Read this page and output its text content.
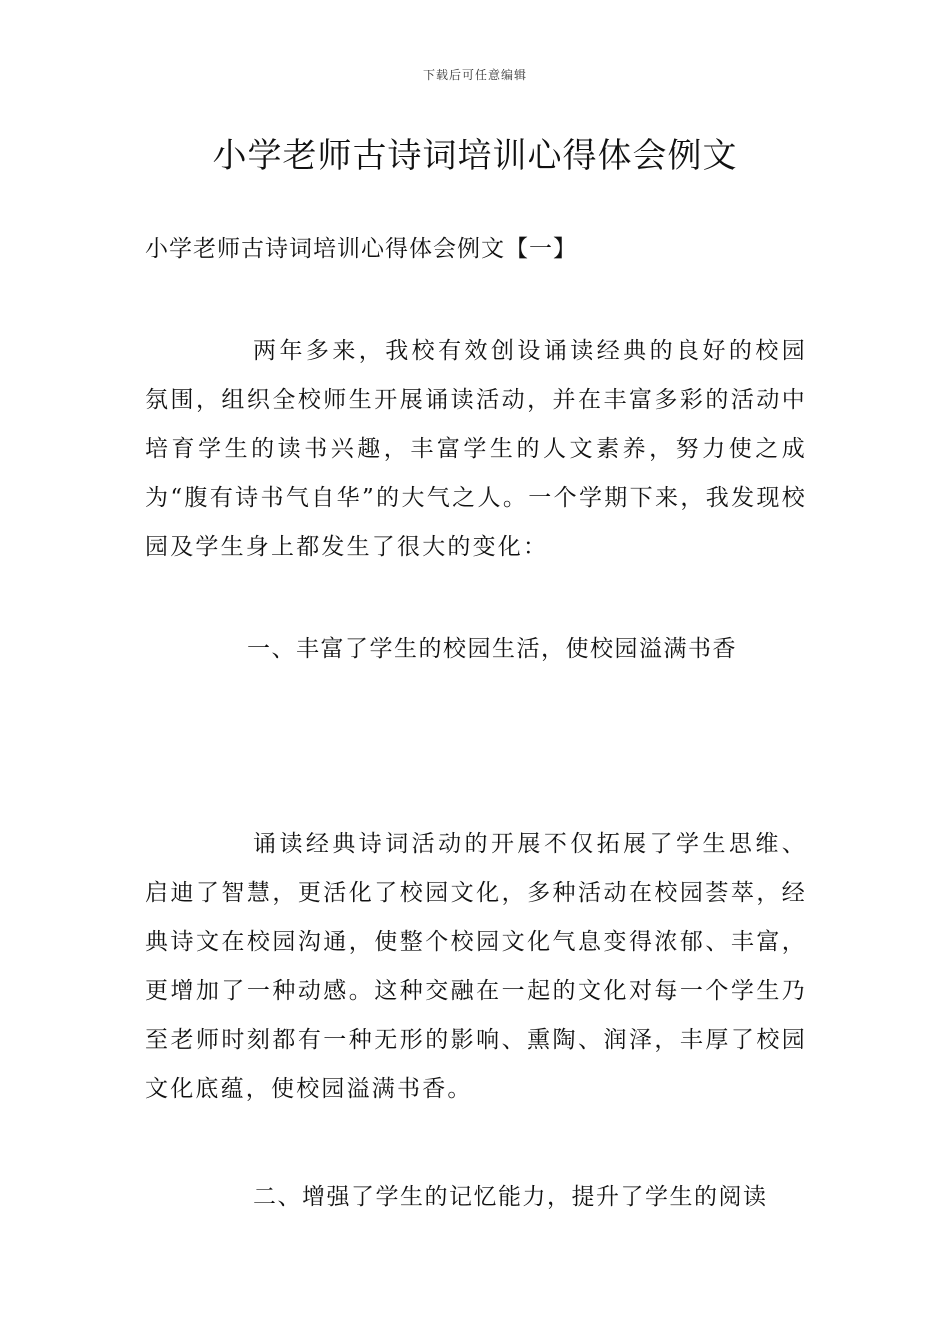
下载后可任意编辑
小学老师古诗词培训心得体会例文
小学老师古诗词培训心得体会例文【一】

两年多来，我校有效创设诵读经典的良好的校园氛围，组织全校师生开展诵读活动，并在丰富多彩的活动中培育学生的读书兴趣，丰富学生的人文素养，努力使之成为“腹有诗书气自华”的大气之人。一个学期下来，我发现校园及学生身上都发生了很大的变化：

一、丰富了学生的校园生活，使校园溢满书香

诵读经典诗词活动的开展不仅拓展了学生思维、启迪了智慧，更活化了校园文化，多种活动在校园荟萃，经典诗文在校园沟通，使整个校园文化气息变得浓郁、丰富，更增加了一种动感。这种交融在一起的文化对每一个学生乃至老师时刻都有一种无形的影响、熏陶、润泽，丰厚了校园文化底蕴，使校园溢满书香。

二、增强了学生的记忆能力，提升了学生的阅读
